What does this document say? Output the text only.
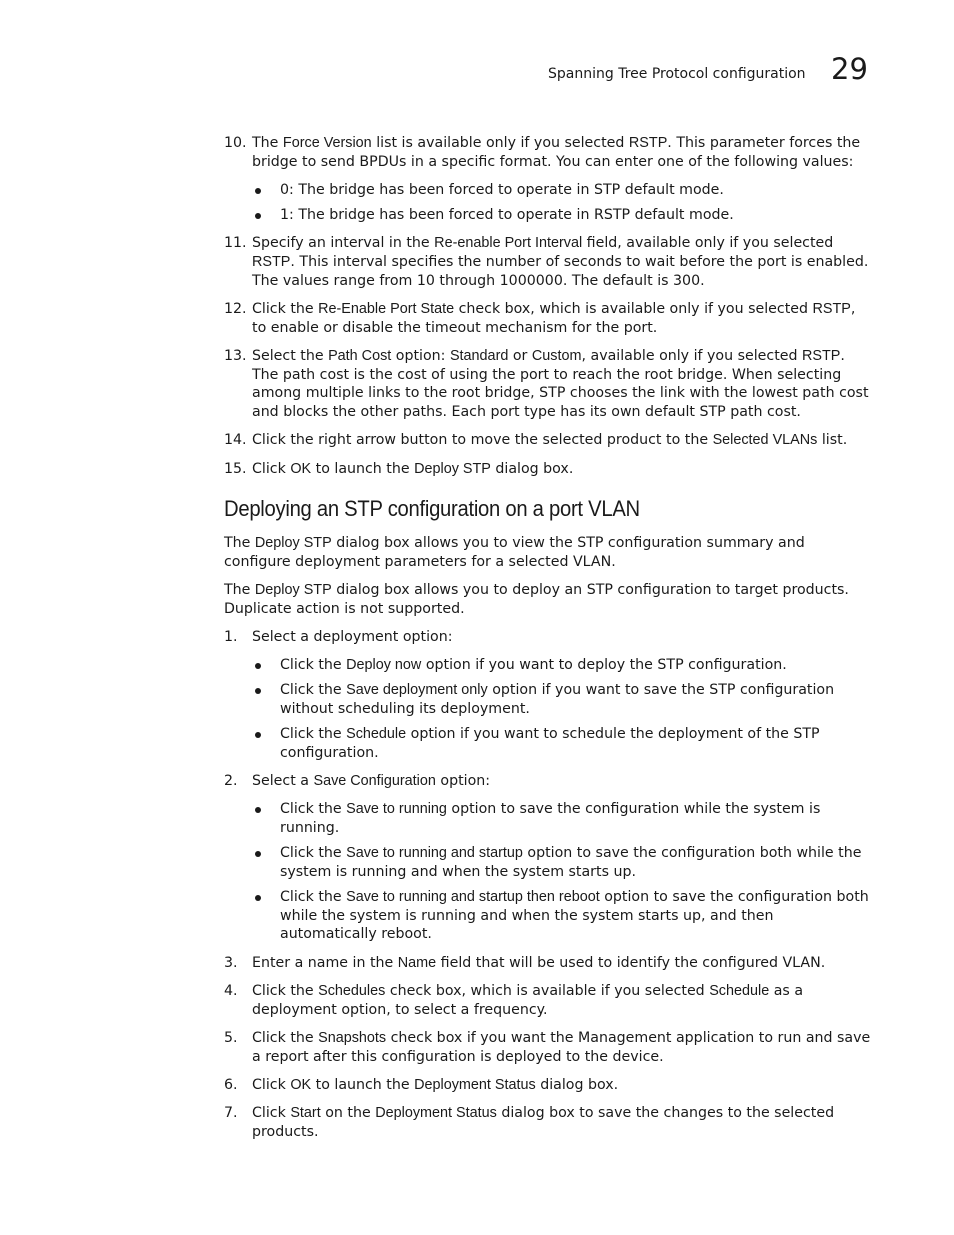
Spanning Tree Protocol configuration 29
10. The Force Version list is available only if you selected RSTP. This parameter forces the bridge to send BPDUs in a specific format. You can enter one of the following values:
0: The bridge has been forced to operate in STP default mode.
1: The bridge has been forced to operate in RSTP default mode.
11. Specify an interval in the Re-enable Port Interval field, available only if you selected RSTP. This interval specifies the number of seconds to wait before the port is enabled. The values range from 10 through 1000000. The default is 300.
12. Click the Re-Enable Port State check box, which is available only if you selected RSTP, to enable or disable the timeout mechanism for the port.
13. Select the Path Cost option: Standard or Custom, available only if you selected RSTP. The path cost is the cost of using the port to reach the root bridge. When selecting among multiple links to the root bridge, STP chooses the link with the lowest path cost and blocks the other paths. Each port type has its own default STP path cost.
14. Click the right arrow button to move the selected product to the Selected VLANs list.
15. Click OK to launch the Deploy STP dialog box.
Deploying an STP configuration on a port VLAN
The Deploy STP dialog box allows you to view the STP configuration summary and configure deployment parameters for a selected VLAN.
The Deploy STP dialog box allows you to deploy an STP configuration to target products. Duplicate action is not supported.
1. Select a deployment option:
Click the Deploy now option if you want to deploy the STP configuration.
Click the Save deployment only option if you want to save the STP configuration without scheduling its deployment.
Click the Schedule option if you want to schedule the deployment of the STP configuration.
2. Select a Save Configuration option:
Click the Save to running option to save the configuration while the system is running.
Click the Save to running and startup option to save the configuration both while the system is running and when the system starts up.
Click the Save to running and startup then reboot option to save the configuration both while the system is running and when the system starts up, and then automatically reboot.
3. Enter a name in the Name field that will be used to identify the configured VLAN.
4. Click the Schedules check box, which is available if you selected Schedule as a deployment option, to select a frequency.
5. Click the Snapshots check box if you want the Management application to run and save a report after this configuration is deployed to the device.
6. Click OK to launch the Deployment Status dialog box.
7. Click Start on the Deployment Status dialog box to save the changes to the selected products.
